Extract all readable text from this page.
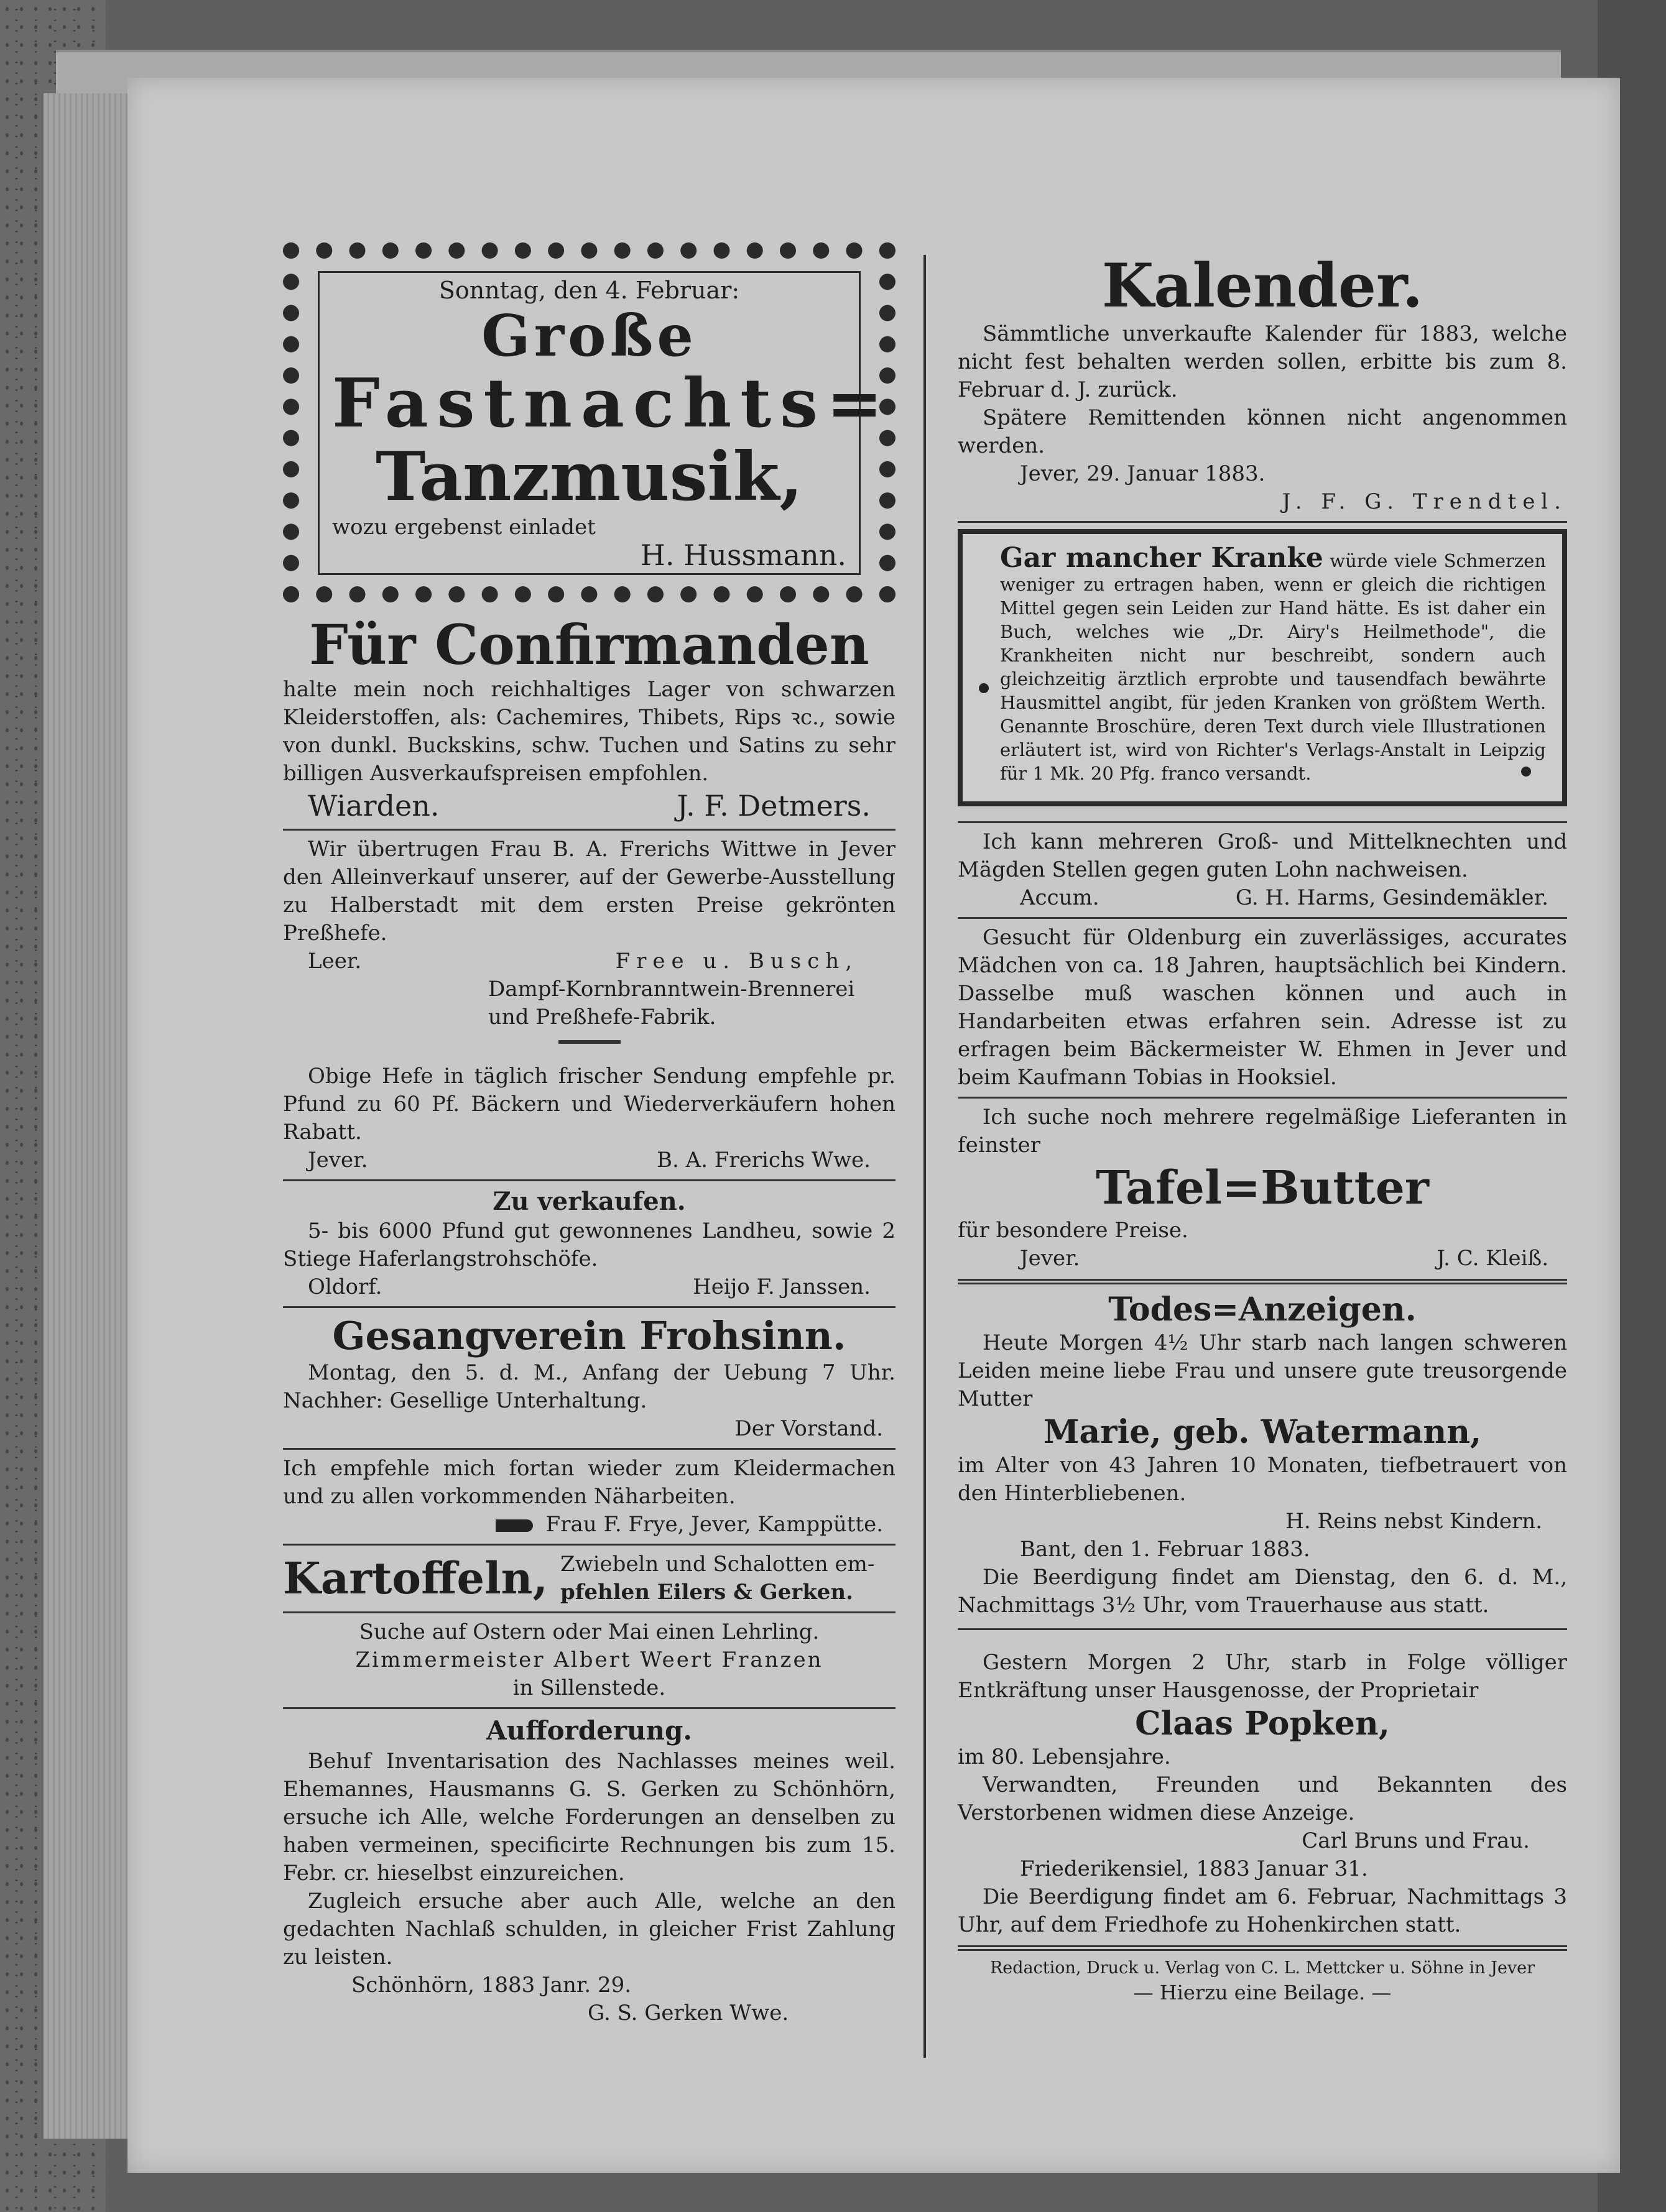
Sonntag, den 4. Februar:
Große
Fastnachts=
Tanzmusik,
wozu ergebenst einladet
H. Hussmann.
Für Confirmanden
halte mein noch reichhaltiges Lager von schwarzen Kleiderstoffen, als: Cachemires, Thibets, Rips ꝛc., sowie von dunkl. Buckskins, schw. Tuchen und Satins zu sehr billigen Ausverkaufspreisen empfohlen.
Wiarden.	J. F. Detmers.
Wir übertrugen Frau B. A. Frerichs Wittwe in Jever den Alleinverkauf unserer, auf der Gewerbe-Ausstellung zu Halberstadt mit dem ersten Preise gekrönten Preßhefe.
Leer.	Free u. Busch,
Dampf-Kornbranntwein-Brennerei
und Preßhefe-Fabrik.
Obige Hefe in täglich frischer Sendung empfehle pr. Pfund zu 60 Pf. Bäckern und Wiederverkäufern hohen Rabatt.
Jever.	B. A. Frerichs Wwe.
Zu verkaufen.
5- bis 6000 Pfund gut gewonnenes Landheu, sowie 2 Stiege Haferlangstrohschöfe.
Oldorf.	Heijo F. Janssen.
Gesangverein Frohsinn.
Montag, den 5. d. M., Anfang der Uebung 7 Uhr. Nachher: Gesellige Unterhaltung.
Der Vorstand.
Ich empfehle mich fortan wieder zum Kleidermachen und zu allen vorkommenden Näharbeiten.
Frau F. Frye, Jever, Kamppütte.
Kartoffeln, Zwiebeln und Schalotten em-
pfehlen Eilers & Gerken.
Suche auf Ostern oder Mai einen Lehrling.
Zimmermeister Albert Weert Franzen
in Sillenstede.
Aufforderung.
Behuf Inventarisation des Nachlasses meines weil. Ehemannes, Hausmanns G. S. Gerken zu Schönhörn, ersuche ich Alle, welche Forderungen an denselben zu haben vermeinen, specificirte Rechnungen bis zum 15. Febr. cr. hieselbst einzureichen.
Zugleich ersuche aber auch Alle, welche an den gedachten Nachlaß schulden, in gleicher Frist Zahlung zu leisten.
Schönhörn, 1883 Janr. 29.
G. S. Gerken Wwe.
Kalender.
Sämmtliche unverkaufte Kalender für 1883, welche nicht fest behalten werden sollen, erbitte bis zum 8. Februar d. J. zurück.
Spätere Remittenden können nicht angenommen werden.
Jever, 29. Januar 1883.
J. F. G. Trendtel.
Gar mancher Kranke würde viele Schmerzen weniger zu ertragen haben, wenn er gleich die richtigen Mittel gegen sein Leiden zur Hand hätte. Es ist daher ein Buch, welches wie „Dr. Airy's Heilmethode", die Krankheiten nicht nur beschreibt, sondern auch gleichzeitig ärztlich erprobte und tausendfach bewährte Hausmittel angibt, für jeden Kranken von größtem Werth. Genannte Broschüre, deren Text durch viele Illustrationen erläutert ist, wird von Richter's Verlags-Anstalt in Leipzig für 1 Mk. 20 Pfg. franco versandt.
Ich kann mehreren Groß- und Mittelknechten und Mägden Stellen gegen guten Lohn nachweisen.
Accum.	G. H. Harms, Gesindemäkler.
Gesucht für Oldenburg ein zuverlässiges, accurates Mädchen von ca. 18 Jahren, hauptsächlich bei Kindern. Dasselbe muß waschen können und auch in Handarbeiten etwas erfahren sein. Adresse ist zu erfragen beim Bäckermeister W. Ehmen in Jever und beim Kaufmann Tobias in Hooksiel.
Ich suche noch mehrere regelmäßige Lieferanten in feinster
Tafel=Butter
für besondere Preise.
Jever.	J. C. Kleiß.
Todes=Anzeigen.
Heute Morgen 4½ Uhr starb nach langen schweren Leiden meine liebe Frau und unsere gute treusorgende Mutter
Marie, geb. Watermann,
im Alter von 43 Jahren 10 Monaten, tiefbetrauert von den Hinterbliebenen.
H. Reins nebst Kindern.
Bant, den 1. Februar 1883.
Die Beerdigung findet am Dienstag, den 6. d. M., Nachmittags 3½ Uhr, vom Trauerhause aus statt.
Gestern Morgen 2 Uhr, starb in Folge völliger Entkräftung unser Hausgenosse, der Proprietair
Claas Popken,
im 80. Lebensjahre.
Verwandten, Freunden und Bekannten des Verstorbenen widmen diese Anzeige.
Carl Bruns und Frau.
Friederikensiel, 1883 Januar 31.
Die Beerdigung findet am 6. Februar, Nachmittags 3 Uhr, auf dem Friedhofe zu Hohenkirchen statt.
Redaction, Druck u. Verlag von C. L. Mettcker u. Söhne in Jever
— Hierzu eine Beilage. —
